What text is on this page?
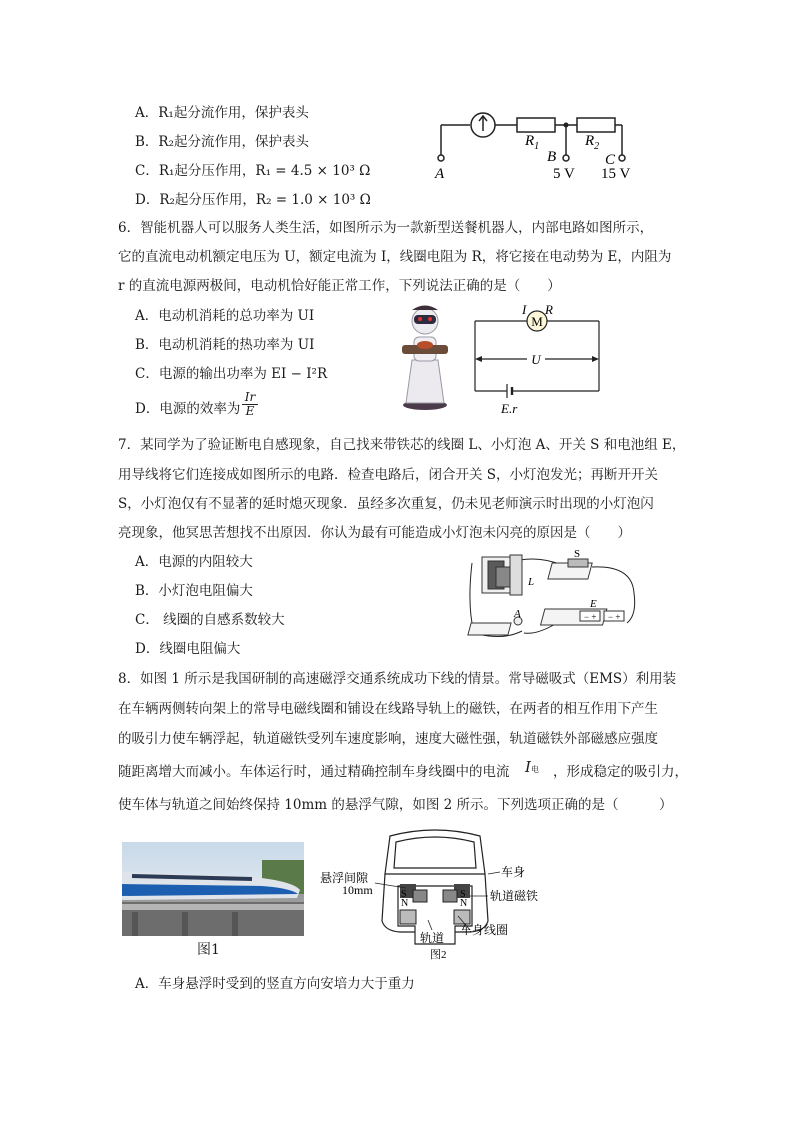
A．R₁起分流作用，保护表头
B．R₂起分流作用，保护表头
C．R₁起分压作用，R₁ = 4.5 × 10³ Ω
D．R₂起分压作用，R₂ = 1.0 × 10³ Ω
$R_1$	$R_2$
A
B
5 V
C
15 V
6．智能机器人可以服务人类生活，如图所示为一款新型送餐机器人，内部电路如图所示，
它的直流电动机额定电压为 U，额定电流为 I，线圈电阻为 R，将它接在电动势为 E，内阻为
r 的直流电源两极间，电动机恰好能正常工作，下列说法正确的是（　　）
A．电动机消耗的总功率为 UI
B．电动机消耗的热功率为 UI
C．电源的输出功率为 EI − I²R
D．电源的效率为 $\frac{Ir}{E}$
M
I R
U
E.r
7．某同学为了验证断电自感现象，自己找来带铁芯的线圈 L、小灯泡 A、开关 S 和电池组 E，
用导线将它们连接成如图所示的电路．检查电路后，闭合开关 S，小灯泡发光；再断开开关
S，小灯泡仅有不显著的延时熄灭现象．虽经多次重复，仍未见老师演示时出现的小灯泡闪
亮现象，他冥思苦想找不出原因．你认为最有可能造成小灯泡未闪亮的原因是（　　）
A．电源的内阻较大
B．小灯泡电阻偏大
C． 线圈的自感系数较大
D．线圈电阻偏大
S
L
E
A	− + − +
8．如图 1 所示是我国研制的高速磁浮交通系统成功下线的情景。常导磁吸式（EMS）利用装
在车辆两侧转向架上的常导电磁线圈和铺设在线路导轨上的磁铁，在两者的相互作用下产生
的吸引力使车辆浮起，轨道磁铁受列车速度影响，速度大磁性强，轨道磁铁外部磁感应强度
随距离增大而减小。车体运行时，通过精确控制车身线圈中的电流 I电 ，形成稳定的吸引力，
使车体与轨道之间始终保持 10mm 的悬浮气隙，如图 2 所示。下列选项正确的是（　　　）
图1
S
N
S
N
悬浮间隙
10mm
车身
轨道磁铁
轨道
车身线圈
图2
A．车身悬浮时受到的竖直方向安培力大于重力
